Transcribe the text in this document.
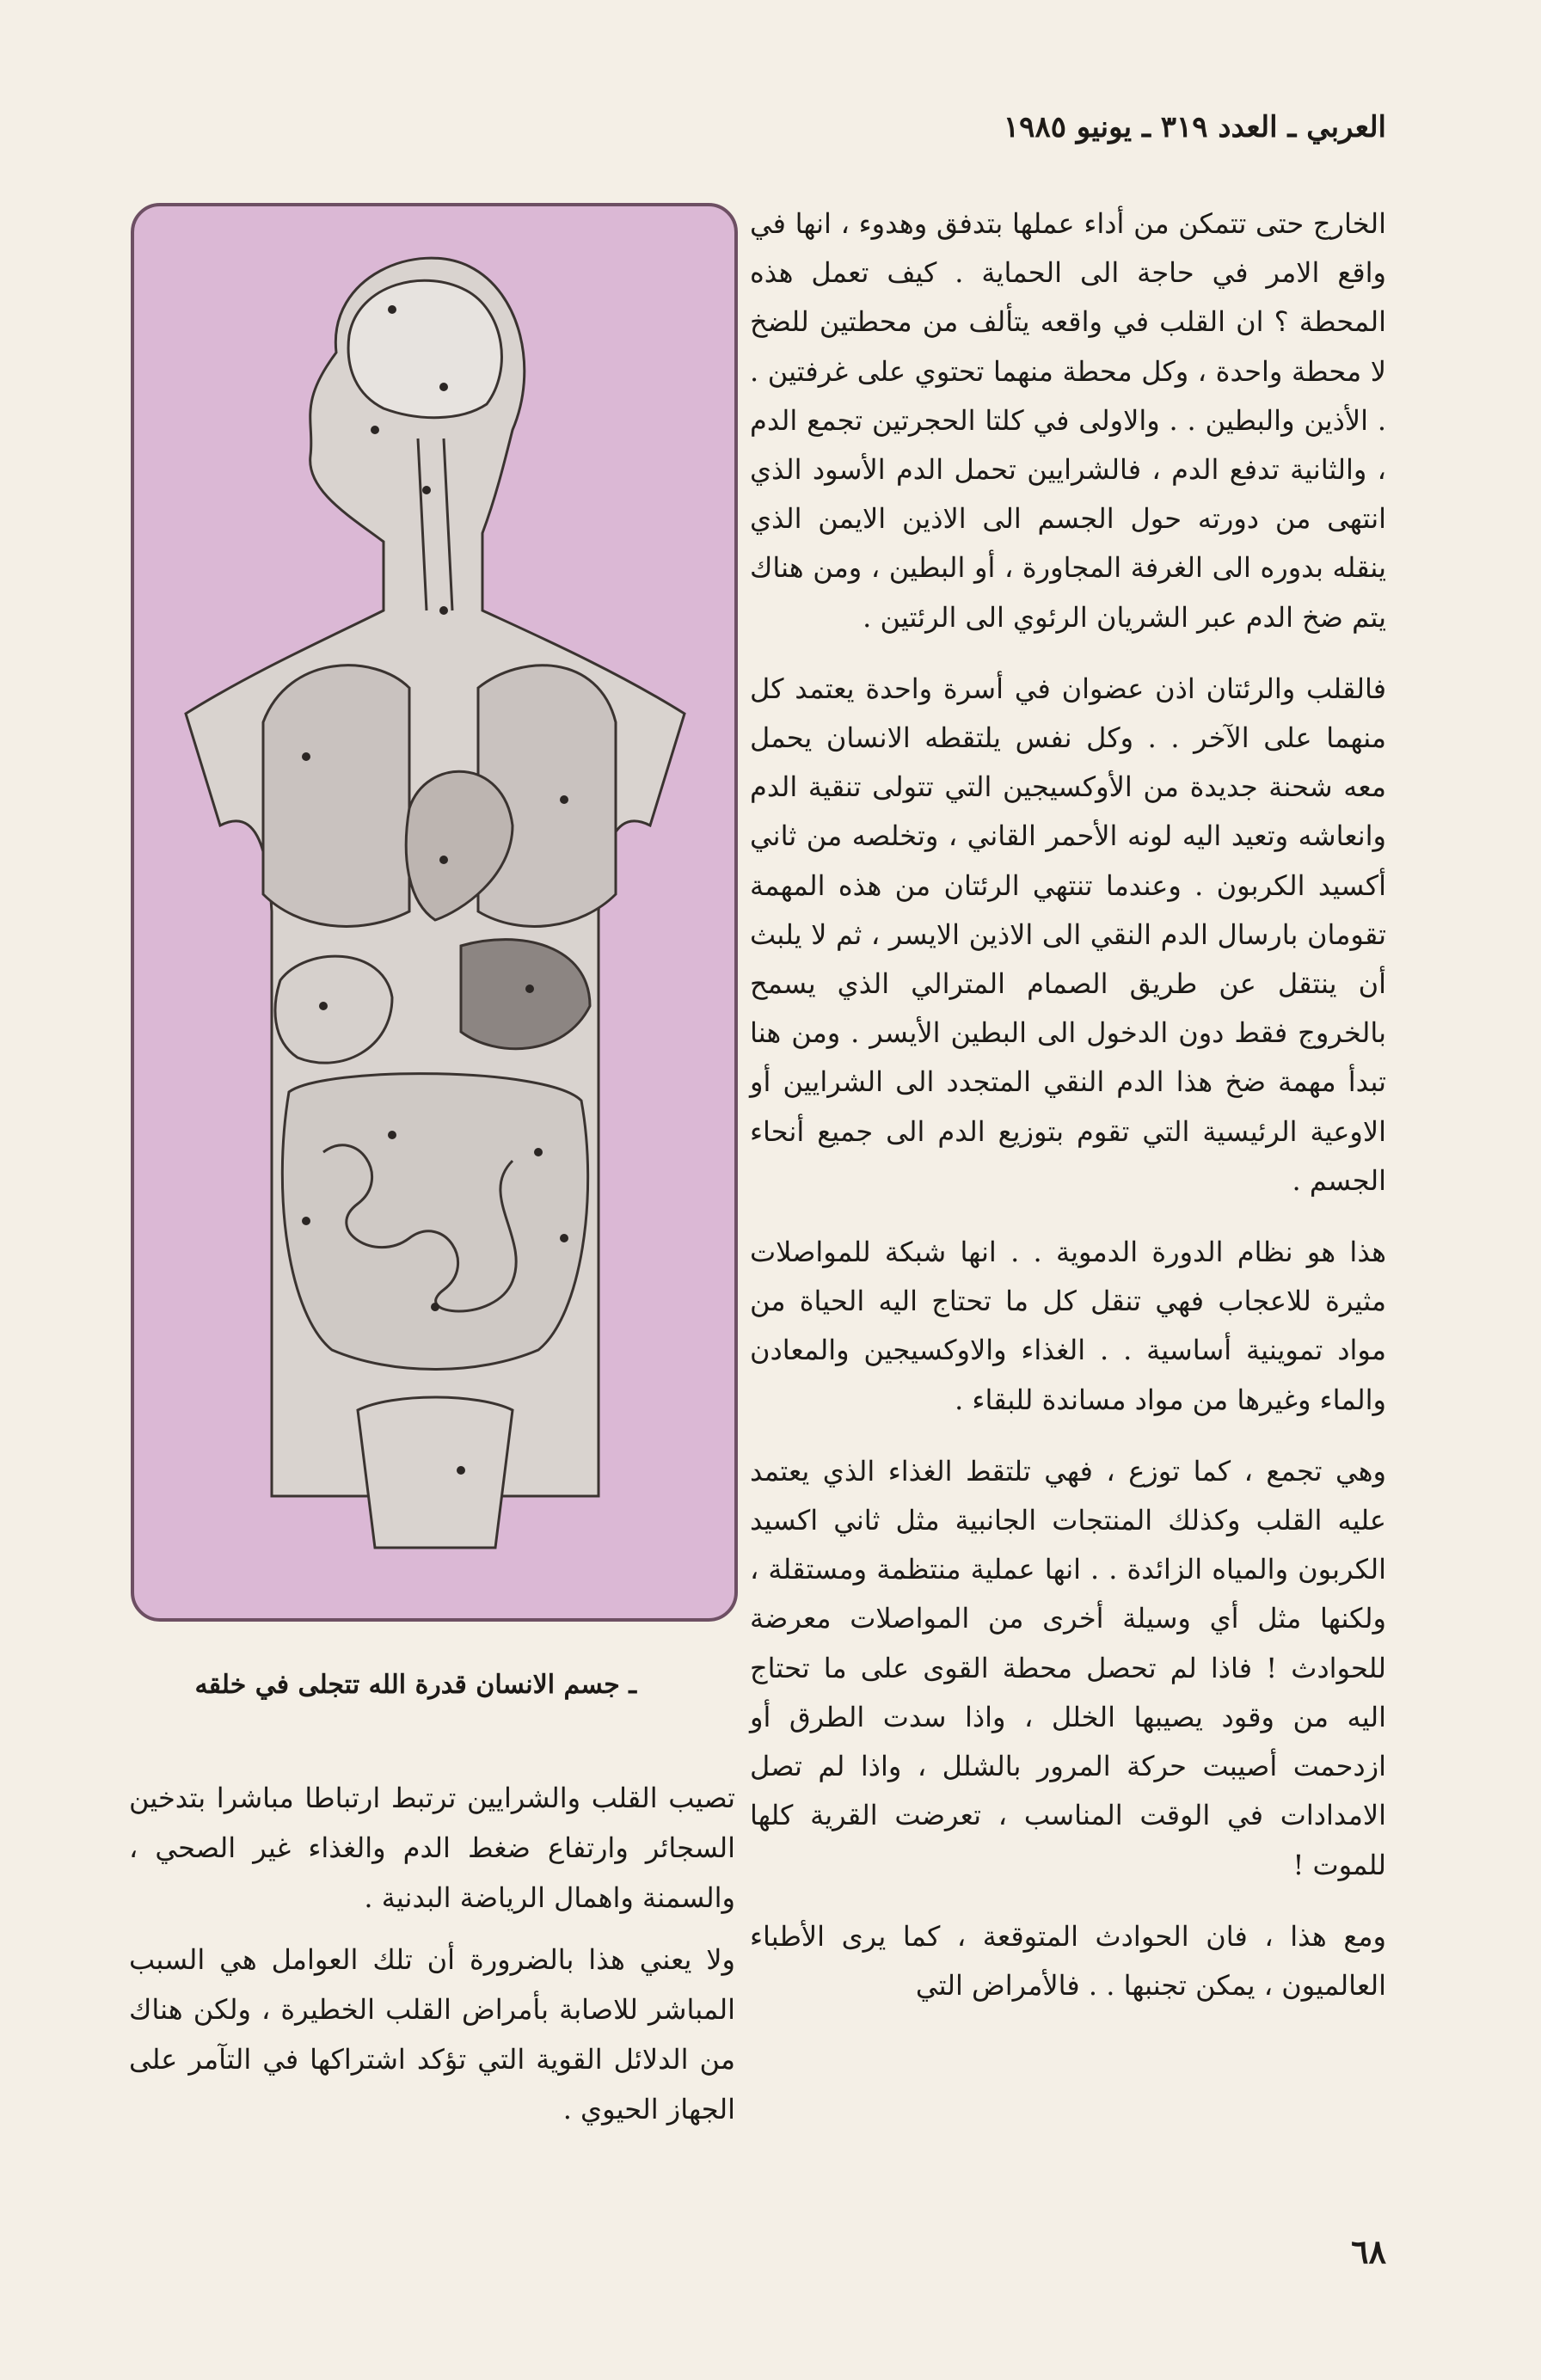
العربي ـ العدد ٣١٩ ـ يونيو ١٩٨٥

الخارج حتى تتمكن من أداء عملها بتدفق وهدوء ، انها في واقع الامر في حاجة الى الحماية . كيف تعمل هذه المحطة ؟ ان القلب في واقعه يتألف من محطتين للضخ لا محطة واحدة ، وكل محطة منهما تحتوي على غرفتين . . الأذين والبطين . . والاولى في كلتا الحجرتين تجمع الدم ، والثانية تدفع الدم ، فالشرايين تحمل الدم الأسود الذي انتهى من دورته حول الجسم الى الاذين الايمن الذي ينقله بدوره الى الغرفة المجاورة ، أو البطين ، ومن هناك يتم ضخ الدم عبر الشريان الرئوي الى الرئتين .

فالقلب والرئتان اذن عضوان في أسرة واحدة يعتمد كل منهما على الآخر . . وكل نفس يلتقطه الانسان يحمل معه شحنة جديدة من الأوكسيجين التي تتولى تنقية الدم وانعاشه وتعيد اليه لونه الأحمر القاني ، وتخلصه من ثاني أكسيد الكربون . وعندما تنتهي الرئتان من هذه المهمة تقومان بارسال الدم النقي الى الاذين الايسر ، ثم لا يلبث أن ينتقل عن طريق الصمام المترالي الذي يسمح بالخروج فقط دون الدخول الى البطين الأيسر . ومن هنا تبدأ مهمة ضخ هذا الدم النقي المتجدد الى الشرايين أو الاوعية الرئيسية التي تقوم بتوزيع الدم الى جميع أنحاء الجسم .

هذا هو نظام الدورة الدموية . . انها شبكة للمواصلات مثيرة للاعجاب فهي تنقل كل ما تحتاج اليه الحياة من مواد تموينية أساسية . . الغذاء والاوكسيجين والمعادن والماء وغيرها من مواد مساندة للبقاء .

وهي تجمع ، كما توزع ، فهي تلتقط الغذاء الذي يعتمد عليه القلب وكذلك المنتجات الجانبية مثل ثاني اكسيد الكربون والمياه الزائدة . . انها عملية منتظمة ومستقلة ، ولكنها مثل أي وسيلة أخرى من المواصلات معرضة للحوادث ! فاذا لم تحصل محطة القوى على ما تحتاج اليه من وقود يصيبها الخلل ، واذا سدت الطرق أو ازدحمت أصيبت حركة المرور بالشلل ، واذا لم تصل الامدادات في الوقت المناسب ، تعرضت القرية كلها للموت !

ومع هذا ، فان الحوادث المتوقعة ، كما يرى الأطباء العالميون ، يمكن تجنبها . . فالأمراض التي

ـ جسم الانسان قدرة الله تتجلى في خلقه

تصيب القلب والشرايين ترتبط ارتباطا مباشرا بتدخين السجائر وارتفاع ضغط الدم والغذاء غير الصحي ، والسمنة واهمال الرياضة البدنية .

ولا يعني هذا بالضرورة أن تلك العوامل هي السبب المباشر للاصابة بأمراض القلب الخطيرة ، ولكن هناك من الدلائل القوية التي تؤكد اشتراكها في التآمر على الجهاز الحيوي .

٦٨
